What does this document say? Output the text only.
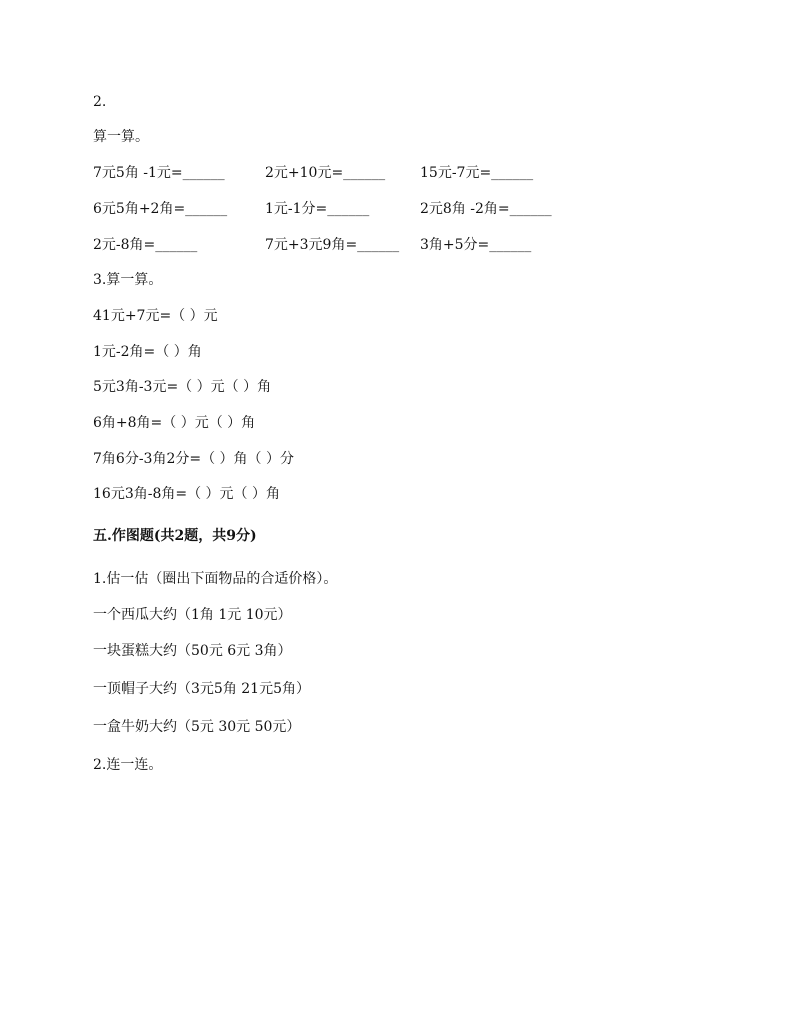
2.
算一算。
7元5角 -1元=______	2元+10元=______ 15元-7元=______
6元5角+2角=______	1元-1分=______	2元8角 -2角=______
2元-8角=______	7元+3元9角=______ 3角+5分=______
3.算一算。
41元+7元=（ ）元
1元-2角=（ ）角
5元3角-3元=（ ）元（ ）角
6角+8角=（ ）元（ ）角
7角6分-3角2分=（ ）角（ ）分
16元3角-8角=（ ）元（ ）角
五.作图题(共2题，共9分)
1.估一估（圈出下面物品的合适价格）。
一个西瓜大约（1角 1元 10元）
一块蛋糕大约（50元 6元 3角）
一顶帽子大约（3元5角 21元5角）
一盒牛奶大约（5元 30元 50元）
2.连一连。
